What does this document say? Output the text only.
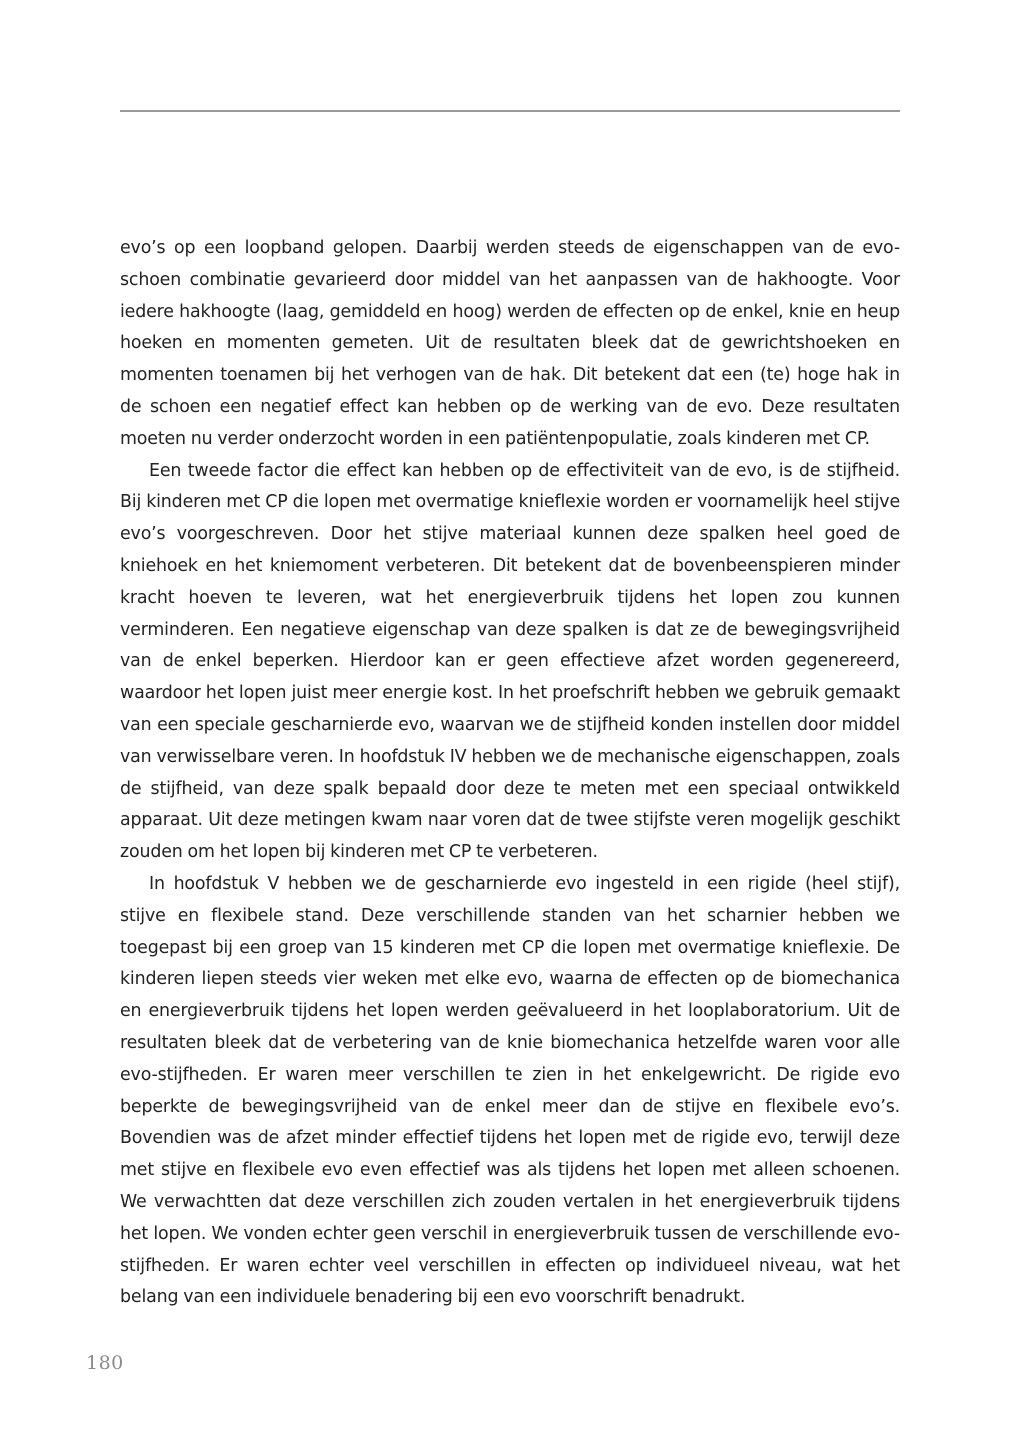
evo’s op een loopband gelopen. Daarbij werden steeds de eigenschappen van de evo-schoen combinatie gevarieerd door middel van het aanpassen van de hakhoogte. Voor iedere hakhoogte (laag, gemiddeld en hoog) werden de effecten op de enkel, knie en heup hoeken en momenten gemeten. Uit de resultaten bleek dat de gewrichtshoeken en momenten toenamen bij het verhogen van de hak. Dit betekent dat een (te) hoge hak in de schoen een negatief effect kan hebben op de werking van de evo. Deze resultaten moeten nu verder onderzocht worden in een patiëntenpopulatie, zoals kinderen met CP.

Een tweede factor die effect kan hebben op de effectiviteit van de evo, is de stijfheid. Bij kinderen met CP die lopen met overmatige knieflexie worden er voornamelijk heel stijve evo’s voorgeschreven. Door het stijve materiaal kunnen deze spalken heel goed de kniehoek en het kniemoment verbeteren. Dit betekent dat de bovenbeenspieren minder kracht hoeven te leveren, wat het energieverbruik tijdens het lopen zou kunnen verminderen. Een negatieve eigenschap van deze spalken is dat ze de bewegingsvrijheid van de enkel beperken. Hierdoor kan er geen effectieve afzet worden gegenereerd, waardoor het lopen juist meer energie kost. In het proefschrift hebben we gebruik gemaakt van een speciale gescharnierde evo, waarvan we de stijfheid konden instellen door middel van verwisselbare veren. In hoofdstuk IV hebben we de mechanische eigenschappen, zoals de stijfheid, van deze spalk bepaald door deze te meten met een speciaal ontwikkeld apparaat. Uit deze metingen kwam naar voren dat de twee stijfste veren mogelijk geschikt zouden om het lopen bij kinderen met CP te verbeteren.

In hoofdstuk V hebben we de gescharnierde evo ingesteld in een rigide (heel stijf), stijve en flexibele stand. Deze verschillende standen van het scharnier hebben we toegepast bij een groep van 15 kinderen met CP die lopen met overmatige knieflexie. De kinderen liepen steeds vier weken met elke evo, waarna de effecten op de biomechanica en energieverbruik tijdens het lopen werden geëvalueerd in het looplaboratorium. Uit de resultaten bleek dat de verbetering van de knie biomechanica hetzelfde waren voor alle evo-stijfheden. Er waren meer verschillen te zien in het enkelgewricht. De rigide evo beperkte de bewegingsvrijheid van de enkel meer dan de stijve en flexibele evo’s. Bovendien was de afzet minder effectief tijdens het lopen met de rigide evo, terwijl deze met stijve en flexibele evo even effectief was als tijdens het lopen met alleen schoenen. We verwachtten dat deze verschillen zich zouden vertalen in het energieverbruik tijdens het lopen. We vonden echter geen verschil in energieverbruik tussen de verschillende evo-stijfheden. Er waren echter veel verschillen in effecten op individueel niveau, wat het belang van een individuele benadering bij een evo voorschrift benadrukt.

180
